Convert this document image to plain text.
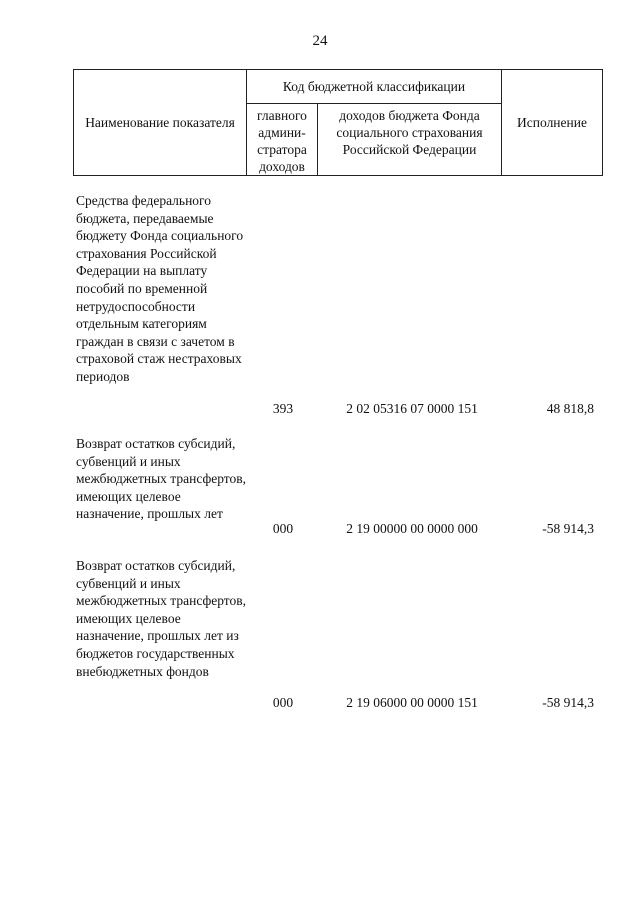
24
Наименование показателя	Код бюджетной классификации		Исполнение
	главного админи-стратора доходов	доходов бюджета Фонда социального страхования Российской Федерации	
Средства федерального бюджета, передаваемые бюджету Фонда социального страхования Российской Федерации на выплату пособий по временной нетрудоспособности отдельным категориям граждан в связи с зачетом в страховой стаж нестраховых периодов
393	2 02 05316 07 0000 151	48 818,8
Возврат остатков субсидий, субвенций и иных межбюджетных трансфертов, имеющих целевое назначение, прошлых лет
000	2 19 00000 00 0000 000	-58 914,3
Возврат остатков субсидий, субвенций и иных межбюджетных трансфертов, имеющих целевое назначение, прошлых лет из бюджетов государственных внебюджетных фондов
000	2 19 06000 00 0000 151	-58 914,3
